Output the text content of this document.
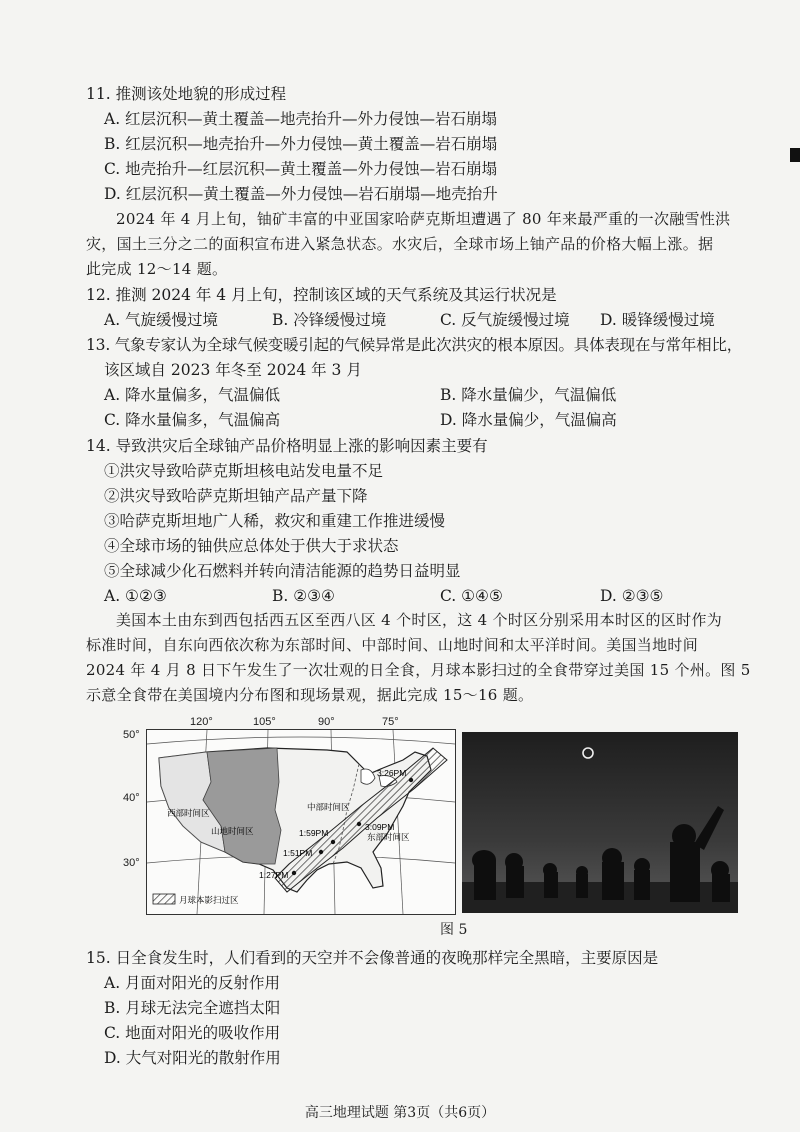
11. 推测该处地貌的形成过程
A. 红层沉积—黄土覆盖—地壳抬升—外力侵蚀—岩石崩塌
B. 红层沉积—地壳抬升—外力侵蚀—黄土覆盖—岩石崩塌
C. 地壳抬升—红层沉积—黄土覆盖—外力侵蚀—岩石崩塌
D. 红层沉积—黄土覆盖—外力侵蚀—岩石崩塌—地壳抬升
2024 年 4 月上旬，铀矿丰富的中亚国家哈萨克斯坦遭遇了 80 年来最严重的一次融雪性洪
灾，国土三分之二的面积宣布进入紧急状态。水灾后，全球市场上铀产品的价格大幅上涨。据
此完成 12～14 题。
12. 推测 2024 年 4 月上旬，控制该区域的天气系统及其运行状况是
A. 气旋缓慢过境	B. 冷锋缓慢过境	C. 反气旋缓慢过境 D. 暖锋缓慢过境
13. 气象专家认为全球气候变暖引起的气候异常是此次洪灾的根本原因。具体表现在与常年相比，
该区域自 2023 年冬至 2024 年 3 月
A. 降水量偏多，气温偏低	B. 降水量偏少，气温偏低
C. 降水量偏多，气温偏高	D. 降水量偏少，气温偏高
14. 导致洪灾后全球铀产品价格明显上涨的影响因素主要有
①洪灾导致哈萨克斯坦核电站发电量不足
②洪灾导致哈萨克斯坦铀产品产量下降
③哈萨克斯坦地广人稀，救灾和重建工作推进缓慢
④全球市场的铀供应总体处于供大于求状态
⑤全球减少化石燃料并转向清洁能源的趋势日益明显
A. ①②③	B. ②③④	C. ①④⑤	D. ②③⑤
美国本土由东到西包括西五区至西八区 4 个时区，这 4 个时区分别采用本时区的区时作为
标准时间，自东向西依次称为东部时间、中部时间、山地时间和太平洋时间。美国当地时间
2024 年 4 月 8 日下午发生了一次壮观的日全食，月球本影扫过的全食带穿过美国 15 个州。图 5
示意全食带在美国境内分布图和现场景观，据此完成 15～16 题。
120°	105°	90°	75°
50°
40°
30°
西部时间区
山地时间区
中部时间区
东部时间区
3:26PM
3:09PM
1:59PM
1:51PM
1:27PM
月球本影扫过区
图 5
15. 日全食发生时，人们看到的天空并不会像普通的夜晚那样完全黑暗，主要原因是
A. 月面对阳光的反射作用
B. 月球无法完全遮挡太阳
C. 地面对阳光的吸收作用
D. 大气对阳光的散射作用
高三地理试题 第3页（共6页）
